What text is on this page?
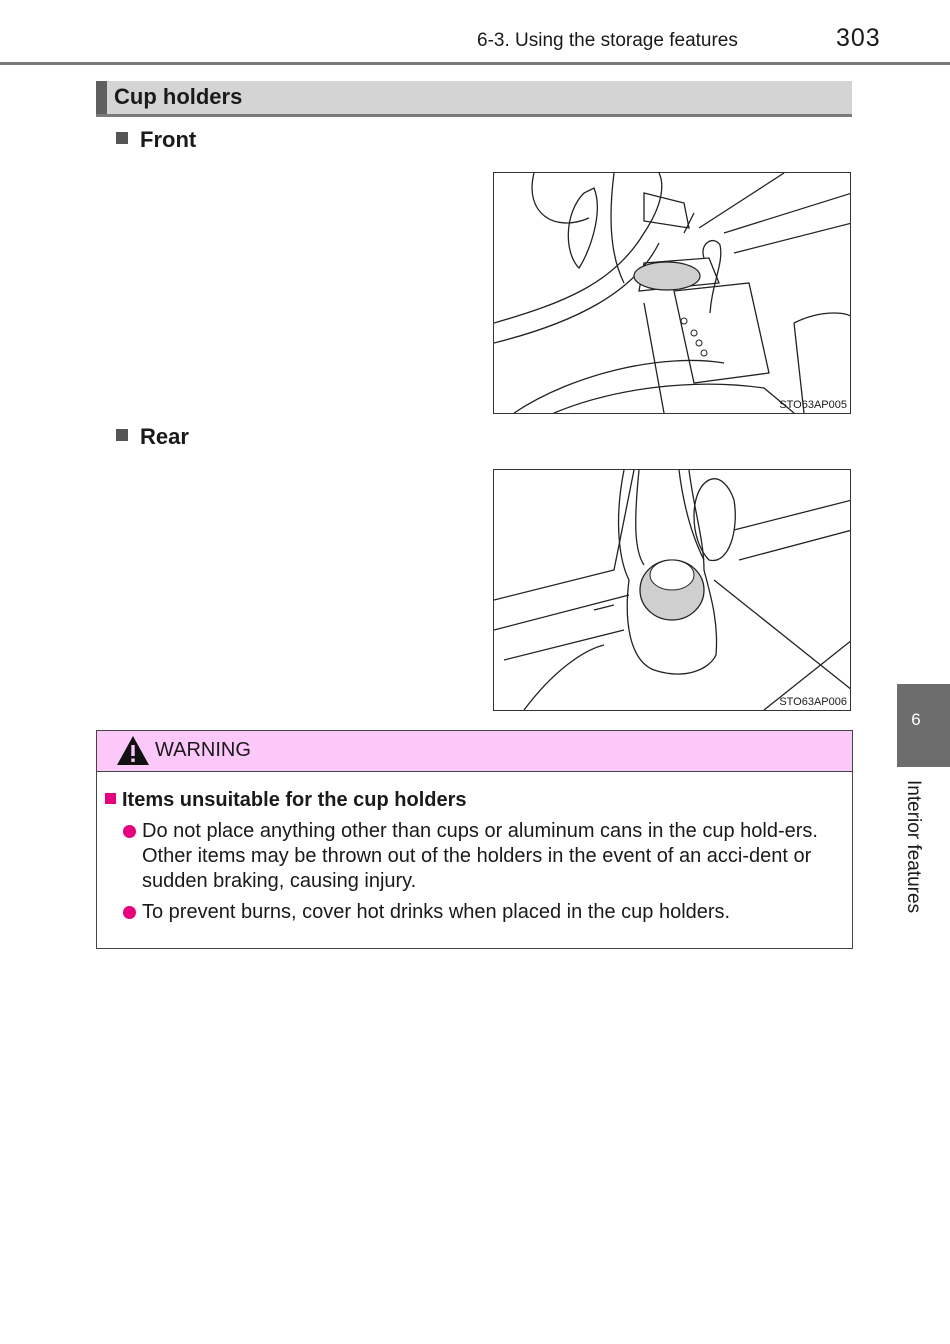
6-3. Using the storage features	303
Cup holders
Front
STO63AP005
Rear
STO63AP006
WARNING
Items unsuitable for the cup holders
Do not place anything other than cups or aluminum cans in the cup hold-ers. Other items may be thrown out of the holders in the event of an acci-dent or sudden braking, causing injury.
To prevent burns, cover hot drinks when placed in the cup holders.
6
Interior features
